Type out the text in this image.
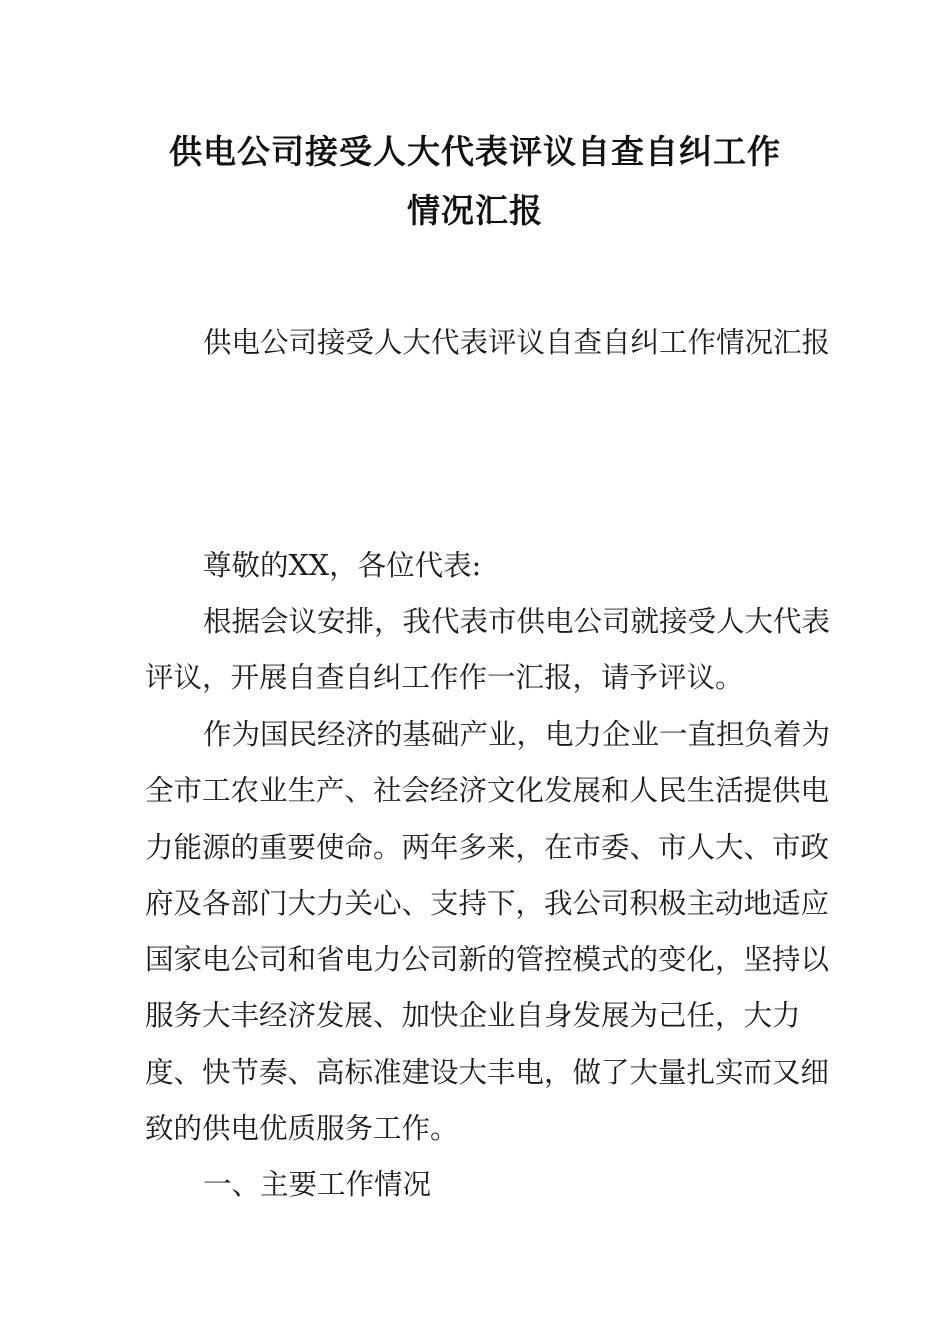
供电公司接受人大代表评议自查自纠工作
情况汇报

供电公司接受人大代表评议自查自纠工作情况汇报

尊敬的XX，各位代表:

根据会议安排，我代表市供电公司就接受人大代表评议，开展自查自纠工作作一汇报，请予评议。

作为国民经济的基础产业，电力企业一直担负着为全市工农业生产、社会经济文化发展和人民生活提供电力能源的重要使命。两年多来，在市委、市人大、市政府及各部门大力关心、支持下，我公司积极主动地适应国家电公司和省电力公司新的管控模式的变化，坚持以服务大丰经济发展、加快企业自身发展为己任，大力度、快节奏、高标准建设大丰电，做了大量扎实而又细致的供电优质服务工作。

一、主要工作情况
